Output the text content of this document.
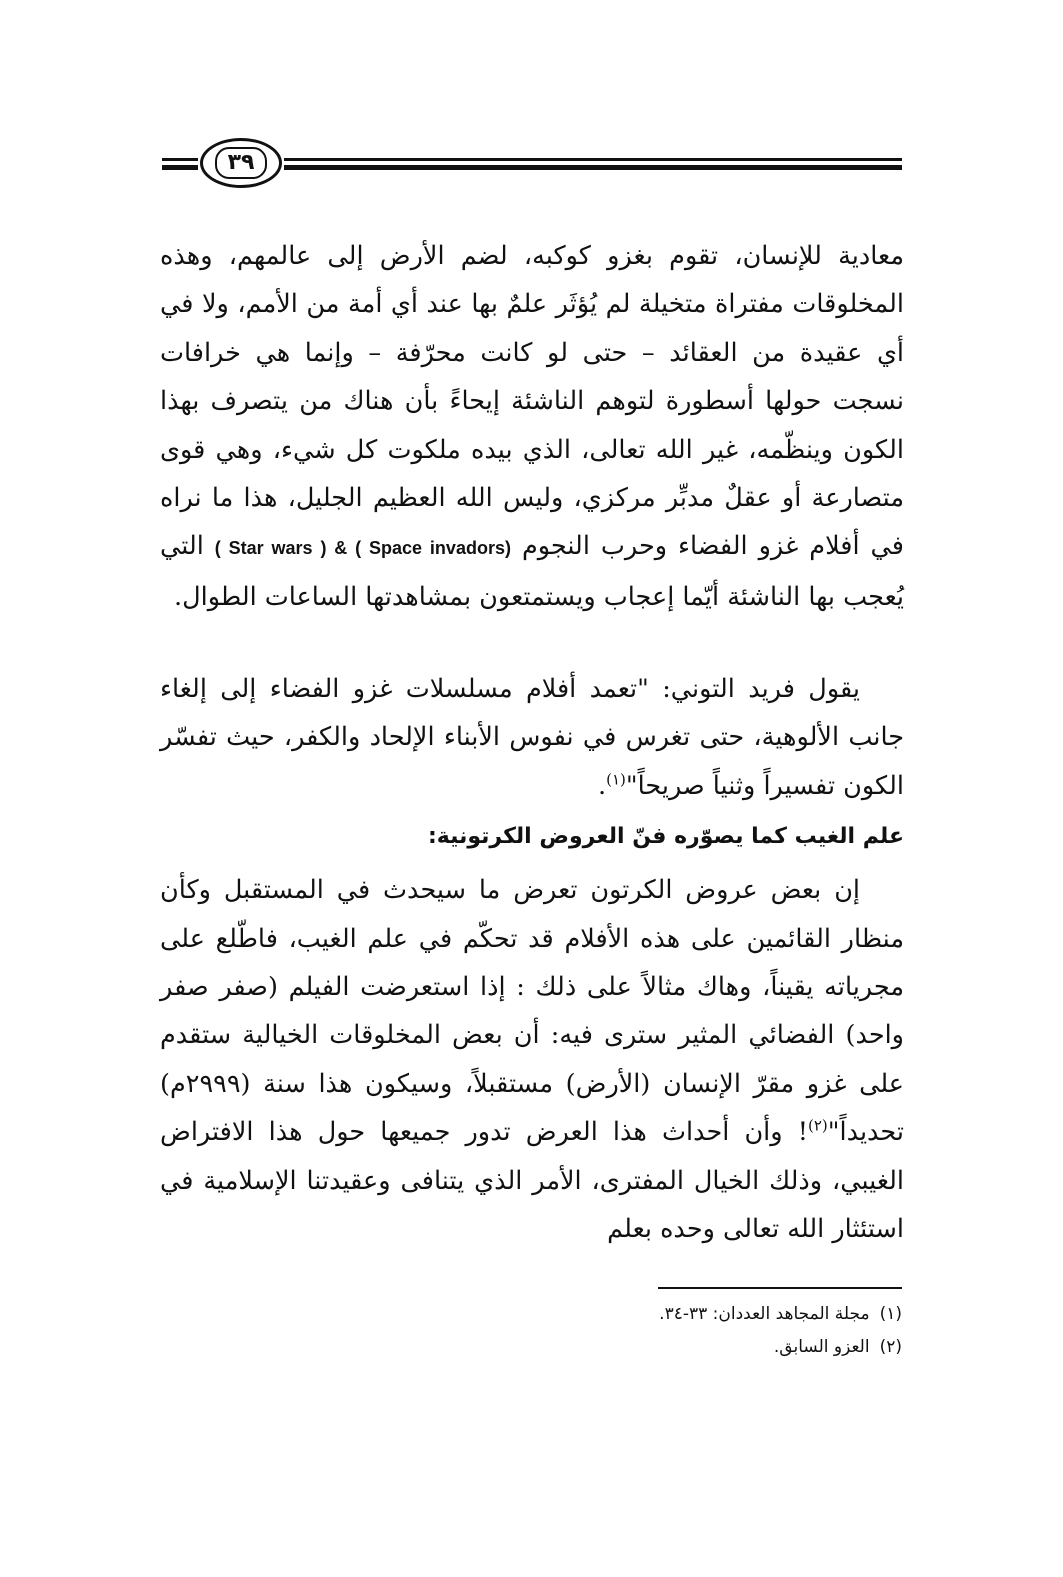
٣٩

معادية للإنسان، تقوم بغزو كوكبه، لضم الأرض إلى عالمهم، وهذه المخلوقات مفتراة متخيلة لم يُؤثَر علمٌ بها عند أي أمة من الأمم، ولا في أي عقيدة من العقائد – حتى لو كانت محرّفة – وإنما هي خرافات نسجت حولها أسطورة لتوهم الناشئة إيحاءً بأن هناك من يتصرف بهذا الكون وينظّمه، غير الله تعالى، الذي بيده ملكوت كل شيء، وهي قوى متصارعة أو عقلٌ مدبِّر مركزي، وليس الله العظيم الجليل، هذا ما نراه في أفلام غزو الفضاء وحرب النجوم ( Star wars ) & ( Space invadors) التي يُعجب بها الناشئة أيّما إعجاب ويستمتعون بمشاهدتها الساعات الطوال.

يقول فريد التوني: "تعمد أفلام مسلسلات غزو الفضاء إلى إلغاء جانب الألوهية، حتى تغرس في نفوس الأبناء الإلحاد والكفر، حيث تفسّر الكون تفسيراً وثنياً صريحاً"$^{(١)}$.

علم الغيب كما يصوّره فنّ العروض الكرتونية:

إن بعض عروض الكرتون تعرض ما سيحدث في المستقبل وكأن منظار القائمين على هذه الأفلام قد تحكّم في علم الغيب، فاطّلع على مجرياته يقيناً، وهاك مثالاً على ذلك : إذا استعرضت الفيلم (صفر صفر واحد) الفضائي المثير سترى فيه: أن بعض المخلوقات الخيالية ستقدم على غزو مقرّ الإنسان (الأرض) مستقبلاً، وسيكون هذا سنة (٢٩٩٩م) تحديداً"$^{(٢)}$! وأن أحداث هذا العرض تدور جميعها حول هذا الافتراض الغيبي، وذلك الخيال المفترى، الأمر الذي يتنافى وعقيدتنا الإسلامية في استئثار الله تعالى وحده بعلم

(١)مجلة المجاهد العددان: ٣٣-٣٤.
(٢)العزو السابق.
